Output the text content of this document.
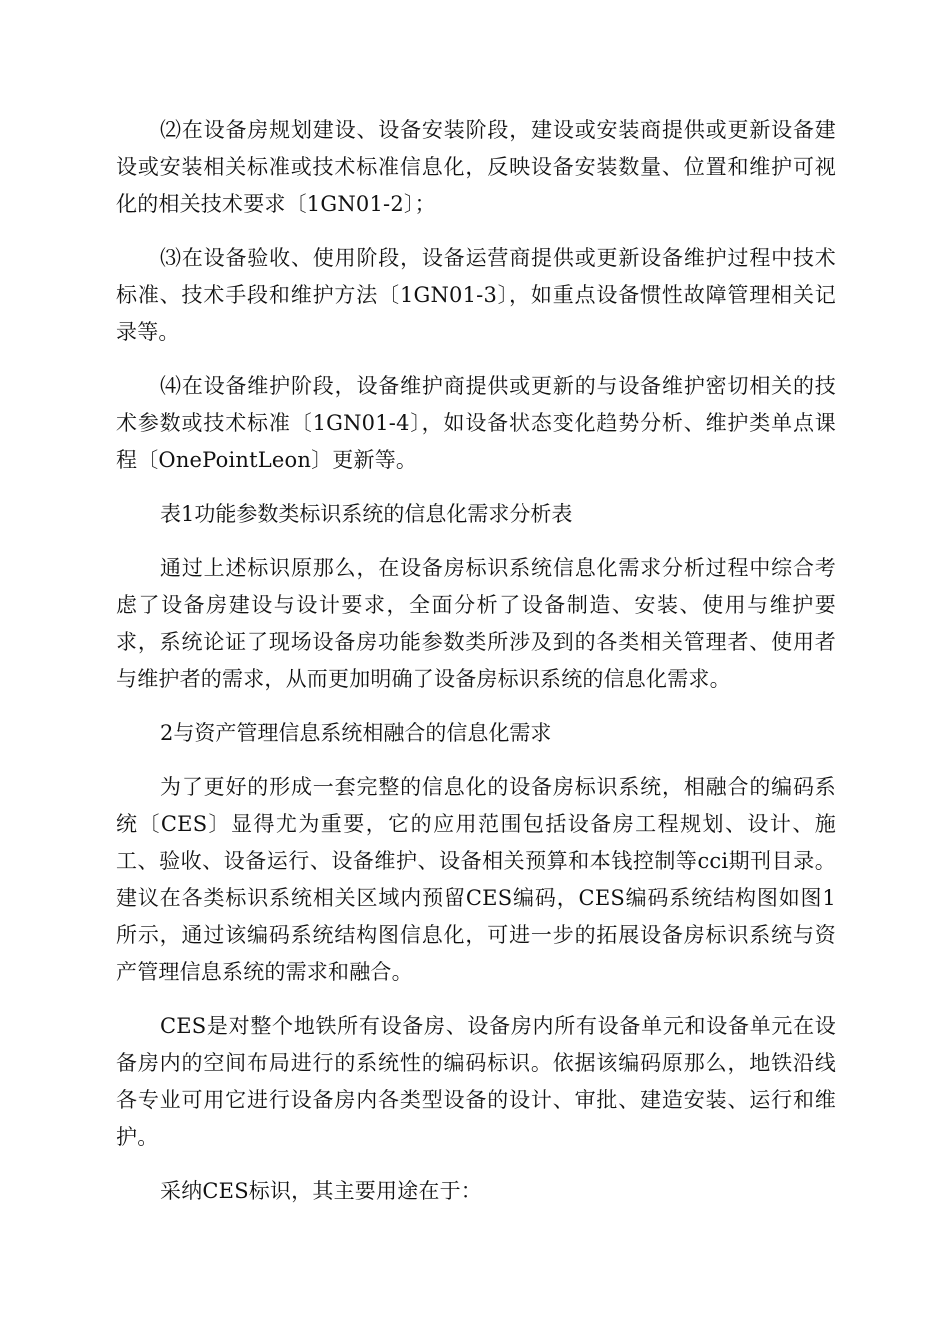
⑵在设备房规划建设、设备安装阶段，建设或安装商提供或更新设备建设或安装相关标准或技术标准信息化，反映设备安装数量、位置和维护可视化的相关技术要求〔1GN01-2〕；

⑶在设备验收、使用阶段，设备运营商提供或更新设备维护过程中技术标准、技术手段和维护方法〔1GN01-3〕，如重点设备惯性故障管理相关记录等。

⑷在设备维护阶段，设备维护商提供或更新的与设备维护密切相关的技术参数或技术标准〔1GN01-4〕，如设备状态变化趋势分析、维护类单点课程〔OnePointLeon〕更新等。

表1功能参数类标识系统的信息化需求分析表

通过上述标识原那么，在设备房标识系统信息化需求分析过程中综合考虑了设备房建设与设计要求，全面分析了设备制造、安装、使用与维护要求，系统论证了现场设备房功能参数类所涉及到的各类相关管理者、使用者与维护者的需求，从而更加明确了设备房标识系统的信息化需求。

2与资产管理信息系统相融合的信息化需求

为了更好的形成一套完整的信息化的设备房标识系统，相融合的编码系统〔CES〕显得尤为重要，它的应用范围包括设备房工程规划、设计、施工、验收、设备运行、设备维护、设备相关预算和本钱控制等cci期刊目录。建议在各类标识系统相关区域内预留CES编码，CES编码系统结构图如图1所示，通过该编码系统结构图信息化，可进一步的拓展设备房标识系统与资产管理信息系统的需求和融合。

CES是对整个地铁所有设备房、设备房内所有设备单元和设备单元在设备房内的空间布局进行的系统性的编码标识。依据该编码原那么，地铁沿线各专业可用它进行设备房内各类型设备的设计、审批、建造安装、运行和维护。

采纳CES标识，其主要用途在于：
